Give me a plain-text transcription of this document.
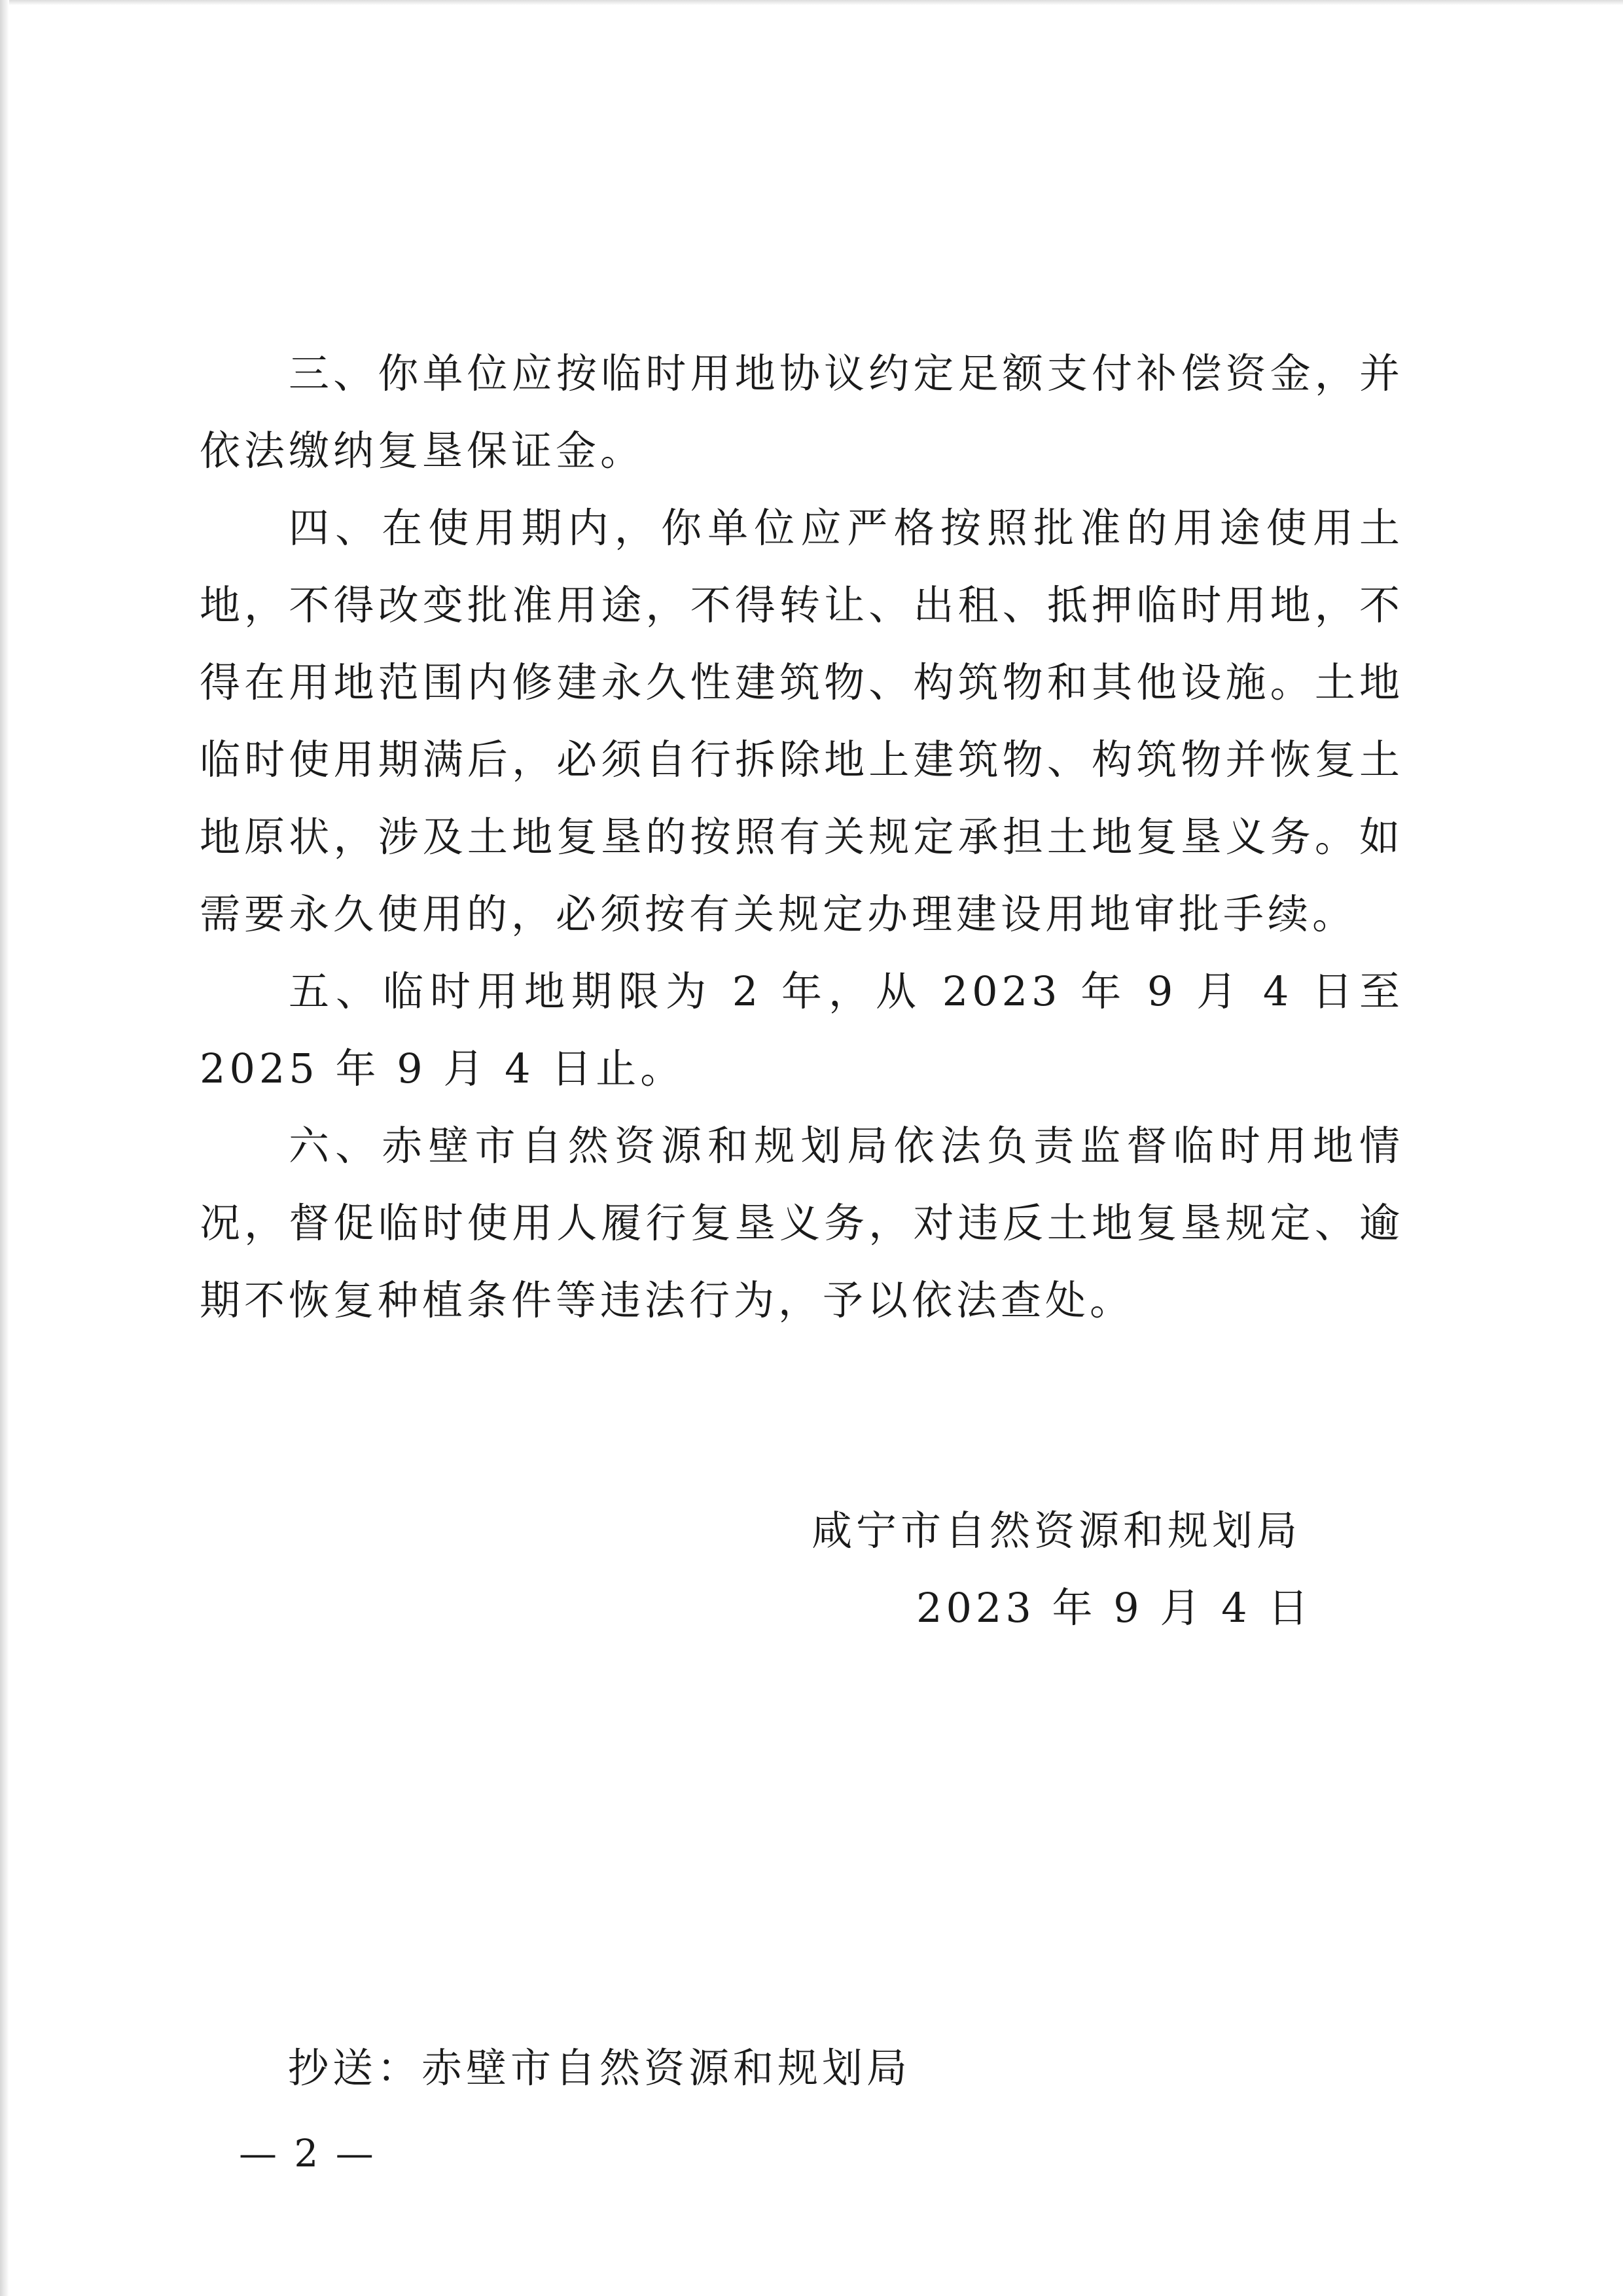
三、你单位应按临时用地协议约定足额支付补偿资金，并依法缴纳复垦保证金。

四、在使用期内，你单位应严格按照批准的用途使用土地，不得改变批准用途，不得转让、出租、抵押临时用地，不得在用地范围内修建永久性建筑物、构筑物和其他设施。土地临时使用期满后，必须自行拆除地上建筑物、构筑物并恢复土地原状，涉及土地复垦的按照有关规定承担土地复垦义务。如需要永久使用的，必须按有关规定办理建设用地审批手续。

五、临时用地期限为 2 年，从 2023 年 9 月 4 日至 2025 年 9 月 4 日止。

六、赤壁市自然资源和规划局依法负责监督临时用地情况，督促临时使用人履行复垦义务，对违反土地复垦规定、逾期不恢复种植条件等违法行为，予以依法查处。

咸宁市自然资源和规划局
2023 年 9 月 4 日
抄送：赤壁市自然资源和规划局
— 2 —
